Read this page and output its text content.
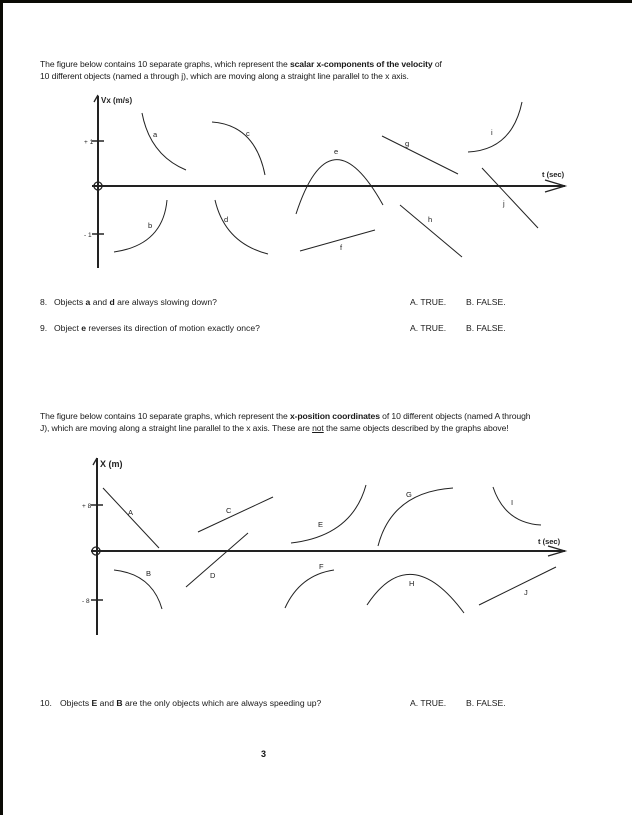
The figure below contains 10 separate graphs, which represent the scalar x-components of the velocity of
10 different objects (named a through j), which are moving along a straight line parallel to the x axis.
Vx (m/s)
t (sec)
+ 1
- 1
a
b
c
d
e
f
g
h
i
j
X (m)
t (sec)
+ 8
- 8
A
B
C
D
E
F
G
H
I
J
8. Objects a and d are always slowing down?	A. TRUE. B. FALSE.
9. Object e reverses its direction of motion exactly once?	A. TRUE. B. FALSE.
The figure below contains 10 separate graphs, which represent the x-position coordinates of 10 different objects (named A through
J), which are moving along a straight line parallel to the x axis. These are not the same objects described by the graphs above!
10. Objects E and B are the only objects which are always speeding up?	A. TRUE. B. FALSE.
3
